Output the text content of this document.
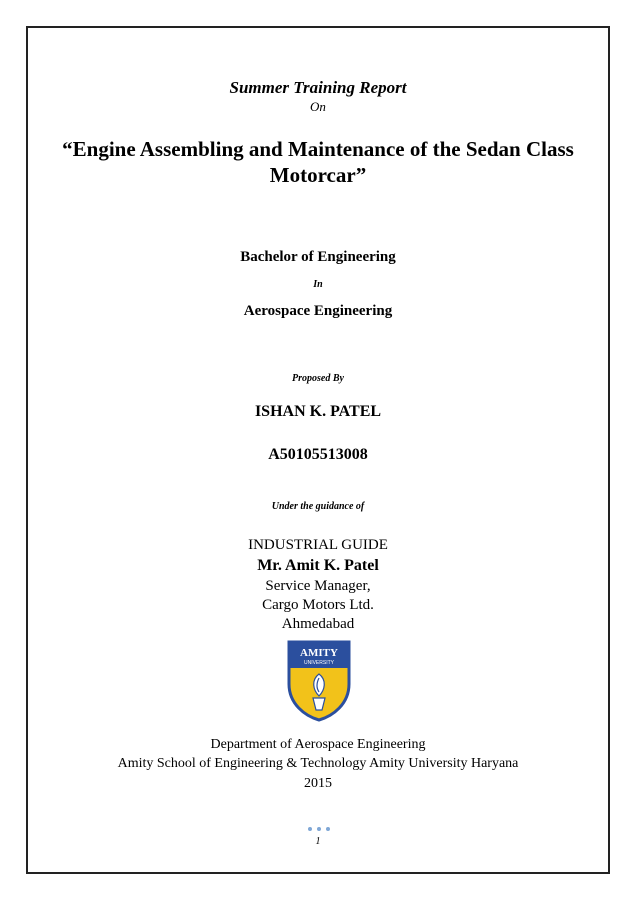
Summer Training Report

On

“Engine Assembling and Maintenance of the Sedan Class Motorcar”

Bachelor of Engineering

In

Aerospace Engineering

Proposed By

ISHAN K. PATEL

A50105513008

Under the guidance of

INDUSTRIAL GUIDE

Mr. Amit K. Patel

Service Manager,

Cargo Motors Ltd.

Ahmedabad

AMITY
UNIVERSITY

Department of Aerospace Engineering

Amity School of Engineering & Technology Amity University Haryana

2015

1
